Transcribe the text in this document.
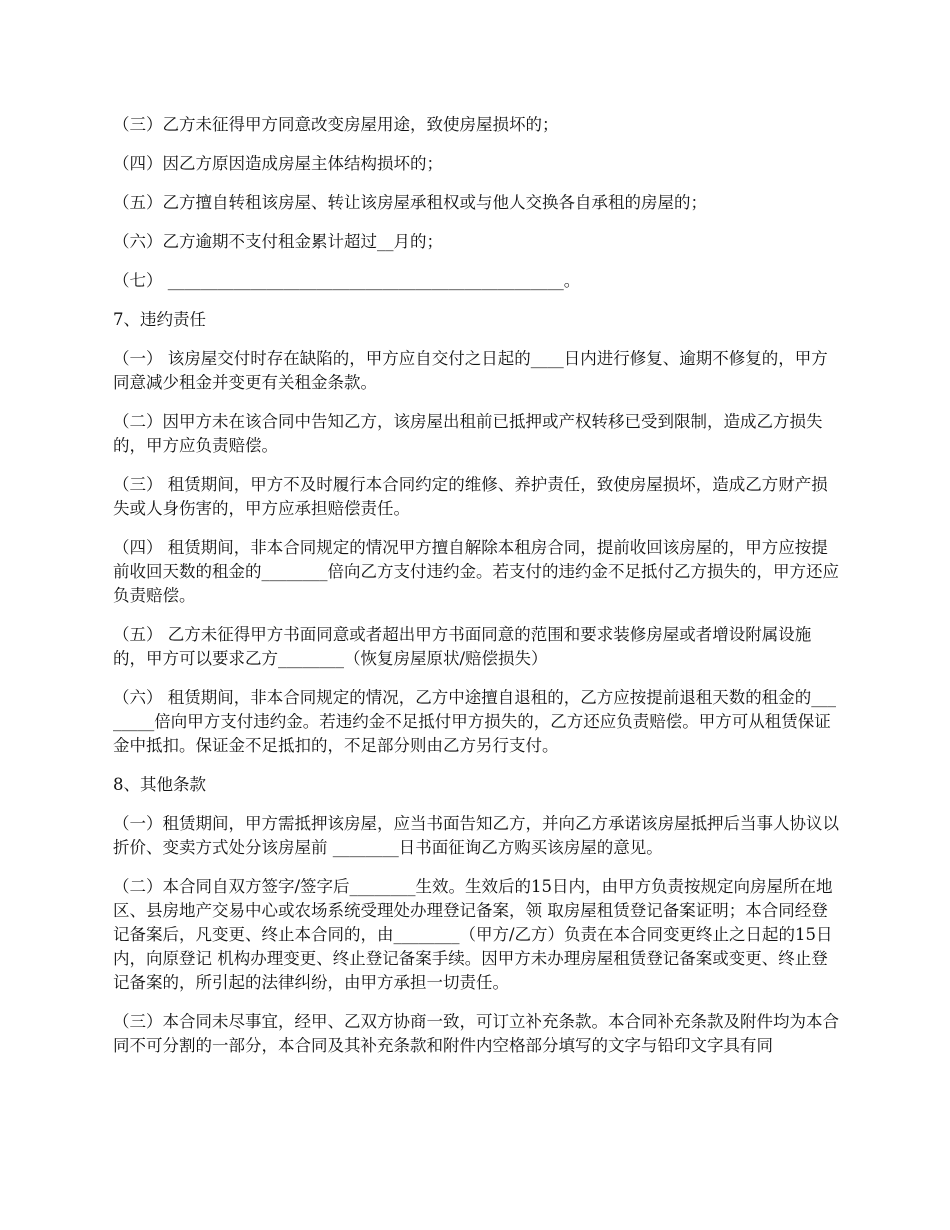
（三）乙方未征得甲方同意改变房屋用途，致使房屋损坏的；

（四）因乙方原因造成房屋主体结构损坏的；

（五）乙方擅自转租该房屋、转让该房屋承租权或与他人交换各自承租的房屋的；

（六）乙方逾期不支付租金累计超过__月的；

（七） ________________________________________________。

7、违约责任

（一） 该房屋交付时存在缺陷的，甲方应自交付之日起的____日内进行修复、逾期不修复的，甲方同意减少租金并变更有关租金条款。

（二）因甲方未在该合同中告知乙方，该房屋出租前已抵押或产权转移已受到限制，造成乙方损失的，甲方应负责赔偿。

（三） 租赁期间，甲方不及时履行本合同约定的维修、养护责任，致使房屋损坏，造成乙方财产损失或人身伤害的，甲方应承担赔偿责任。

（四） 租赁期间，非本合同规定的情况甲方擅自解除本租房合同，提前收回该房屋的，甲方应按提前收回天数的租金的________倍向乙方支付违约金。若支付的违约金不足抵付乙方损失的，甲方还应负责赔偿。

（五） 乙方未征得甲方书面同意或者超出甲方书面同意的范围和要求装修房屋或者增设附属设施的，甲方可以要求乙方________（恢复房屋原状/赔偿损失）

（六） 租赁期间，非本合同规定的情况，乙方中途擅自退租的，乙方应按提前退租天数的租金的________倍向甲方支付违约金。若违约金不足抵付甲方损失的，乙方还应负责赔偿。甲方可从租赁保证金中抵扣。保证金不足抵扣的，不足部分则由乙方另行支付。

8、其他条款

（一）租赁期间，甲方需抵押该房屋，应当书面告知乙方，并向乙方承诺该房屋抵押后当事人协议以折价、变卖方式处分该房屋前 ________日书面征询乙方购买该房屋的意见。

（二）本合同自双方签字/签字后________生效。生效后的15日内，由甲方负责按规定向房屋所在地区、县房地产交易中心或农场系统受理处办理登记备案，领 取房屋租赁登记备案证明；本合同经登记备案后，凡变更、终止本合同的，由________（甲方/乙方）负责在本合同变更终止之日起的15日内，向原登记 机构办理变更、终止登记备案手续。因甲方未办理房屋租赁登记备案或变更、终止登记备案的，所引起的法律纠纷，由甲方承担一切责任。

（三）本合同未尽事宜，经甲、乙双方协商一致，可订立补充条款。本合同补充条款及附件均为本合同不可分割的一部分，本合同及其补充条款和附件内空格部分填写的文字与铅印文字具有同
